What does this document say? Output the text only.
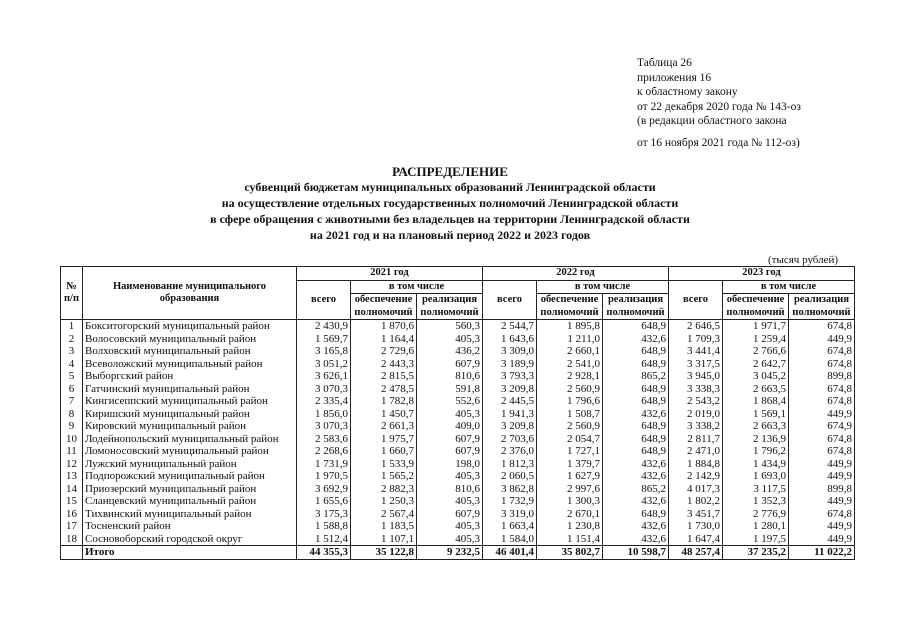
Таблица 26
приложения 16
к областному закону
от 22 декабря 2020 года № 143-оз
(в редакции областного закона
от 16 ноября 2021 года № 112-оз)
РАСПРЕДЕЛЕНИЕ
субвенций бюджетам муниципальных образований Ленинградской области
на осуществление отдельных государственных полномочий Ленинградской области
в сфере обращения с животными без владельцев на территории Ленинградской области
на 2021 год и на плановый период 2022 и 2023 годов
(тысяч рублей)
№ п/п	Наименование муниципального образования	2021 год			2022 год			2023 год		
		всего	в том числе		всего	в том числе		всего	в том числе	
			обеспечение полномочий	реализация полномочий		обеспечение полномочий	реализация полномочий		обеспечение полномочий	реализация полномочий
1	Бокситогорский муниципальный район	2 430,9	1 870,6	560,3	2 544,7	1 895,8	648,9	2 646,5	1 971,7	674,8
2	Волосовский муниципальный район	1 569,7	1 164,4	405,3	1 643,6	1 211,0	432,6	1 709,3	1 259,4	449,9
3	Волховский муниципальный район	3 165,8	2 729,6	436,2	3 309,0	2 660,1	648,9	3 441,4	2 766,6	674,8
4	Всеволожский муниципальный район	3 051,2	2 443,3	607,9	3 189,9	2 541,0	648,9	3 317,5	2 642,7	674,8
5	Выборгский район	3 626,1	2 815,5	810,6	3 793,3	2 928,1	865,2	3 945,0	3 045,2	899,8
6	Гатчинский муниципальный район	3 070,3	2 478,5	591,8	3 209,8	2 560,9	648,9	3 338,3	2 663,5	674,8
7	Кингисеппский муниципальный район	2 335,4	1 782,8	552,6	2 445,5	1 796,6	648,9	2 543,2	1 868,4	674,8
8	Киришский муниципальный район	1 856,0	1 450,7	405,3	1 941,3	1 508,7	432,6	2 019,0	1 569,1	449,9
9	Кировский муниципальный район	3 070,3	2 661,3	409,0	3 209,8	2 560,9	648,9	3 338,2	2 663,3	674,9
10	Лодейнопольский муниципальный район	2 583,6	1 975,7	607,9	2 703,6	2 054,7	648,9	2 811,7	2 136,9	674,8
11	Ломоносовский муниципальный район	2 268,6	1 660,7	607,9	2 376,0	1 727,1	648,9	2 471,0	1 796,2	674,8
12	Лужский муниципальный район	1 731,9	1 533,9	198,0	1 812,3	1 379,7	432,6	1 884,8	1 434,9	449,9
13	Подпорожский муниципальный район	1 970,5	1 565,2	405,3	2 060,5	1 627,9	432,6	2 142,9	1 693,0	449,9
14	Приозерский муниципальный район	3 692,9	2 882,3	810,6	3 862,8	2 997,6	865,2	4 017,3	3 117,5	899,8
15	Сланцевский муниципальный район	1 655,6	1 250,3	405,3	1 732,9	1 300,3	432,6	1 802,2	1 352,3	449,9
16	Тихвинский муниципальный район	3 175,3	2 567,4	607,9	3 319,0	2 670,1	648,9	3 451,7	2 776,9	674,8
17	Тосненский район	1 588,8	1 183,5	405,3	1 663,4	1 230,8	432,6	1 730,0	1 280,1	449,9
18	Сосновоборский городской округ	1 512,4	1 107,1	405,3	1 584,0	1 151,4	432,6	1 647,4	1 197,5	449,9
	Итого	44 355,3	35 122,8	9 232,5	46 401,4	35 802,7	10 598,7	48 257,4	37 235,2	11 022,2
